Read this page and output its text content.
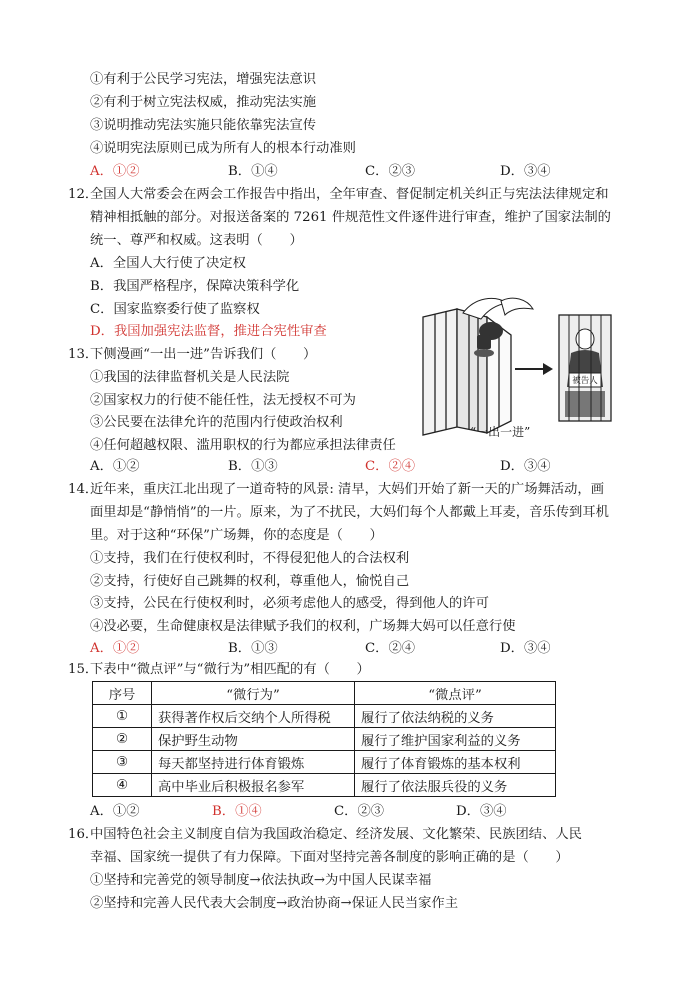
①有利于公民学习宪法，增强宪法意识
②有利于树立宪法权威，推动宪法实施
③说明推动宪法实施只能依靠宪法宣传
④说明宪法原则已成为所有人的根本行动准则
A．①②	B．①④	C．②③	D．③④
12．全国人大常委会在两会工作报告中指出，全年审查、督促制定机关纠正与宪法法律规定和
精神相抵触的部分。对报送备案的 7261 件规范性文件逐件进行审查，维护了国家法制的
统一、尊严和权威。这表明（　　）
A．全国人大行使了决定权
B．我国严格程序，保障决策科学化
C．国家监察委行使了监察权
D．我国加强宪法监督，推进合宪性审查
13．下侧漫画“一出一进”告诉我们（　　）
①我国的法律监督机关是人民法院
②国家权力的行使不能任性，法无授权不可为
③公民要在法律允许的范围内行使政治权利
④任何超越权限、滥用职权的行为都应承担法律责任
A．①②	B．①③	C．②④	D．③④
被告人
“一出一进”
14．近年来，重庆江北出现了一道奇特的风景: 清早，大妈们开始了新一天的广场舞活动，画
面里却是“静悄悄”的一片。原来，为了不扰民，大妈们每个人都戴上耳麦，音乐传到耳机
里。对于这种“环保”广场舞，你的态度是（　　）
①支持，我们在行使权利时，不得侵犯他人的合法权利
②支持，行使好自己跳舞的权利，尊重他人，愉悦自己
③支持，公民在行使权利时，必须考虑他人的感受，得到他人的许可
④没必要，生命健康权是法律赋予我们的权利，广场舞大妈可以任意行使
A．①②	B．①③	C．②④	D．③④
15．下表中“微点评”与“微行为”相匹配的有（　　）
序号	“微行为”	“微点评”
①	获得著作权后交纳个人所得税	履行了依法纳税的义务
②	保护野生动物	履行了维护国家利益的义务
③	每天都坚持进行体育锻炼	履行了体育锻炼的基本权利
④	高中毕业后积极报名参军	履行了依法服兵役的义务
A．①②	B．①④	C．②③	D．③④
16．中国特色社会主义制度自信为我国政治稳定、经济发展、文化繁荣、民族团结、人民
幸福、国家统一提供了有力保障。下面对坚持完善各制度的影响正确的是（　　）
①坚持和完善党的领导制度→依法执政→为中国人民谋幸福
②坚持和完善人民代表大会制度→政治协商→保证人民当家作主
